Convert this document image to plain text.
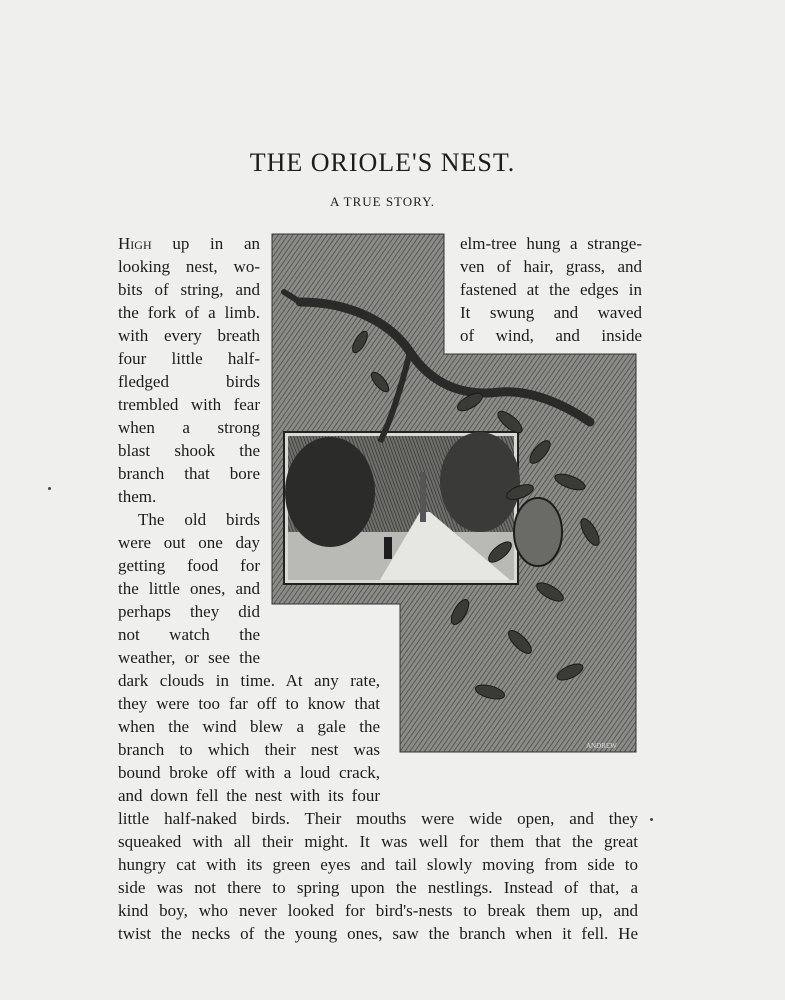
THE ORIOLE'S NEST.
A TRUE STORY.
High up in an	elm-tree hung a strange-
looking nest, wo-	ven of hair, grass, and
bits of string, and	fastened at the edges in
the fork of a limb.	It swung and waved
with every breath	of wind, and inside
four little half-
fledged birds
trembled with fear
when a strong
blast shook the
branch that bore
them.
The old birds
were out one day
getting food for
the little ones, and
perhaps they did
not watch the
weather, or see the
dark clouds in time. At any rate,
they were too far off to know that
when the wind blew a gale the
branch to which their nest was
bound broke off with a loud crack,
and down fell the nest with its four
little half-naked birds. Their mouths were wide open, and they
squeaked with all their might. It was well for them that the great
hungry cat with its green eyes and tail slowly moving from side to
side was not there to spring upon the nestlings. Instead of that, a
kind boy, who never looked for bird's-nests to break them up, and
twist the necks of the young ones, saw the branch when it fell. He
ANDREW
